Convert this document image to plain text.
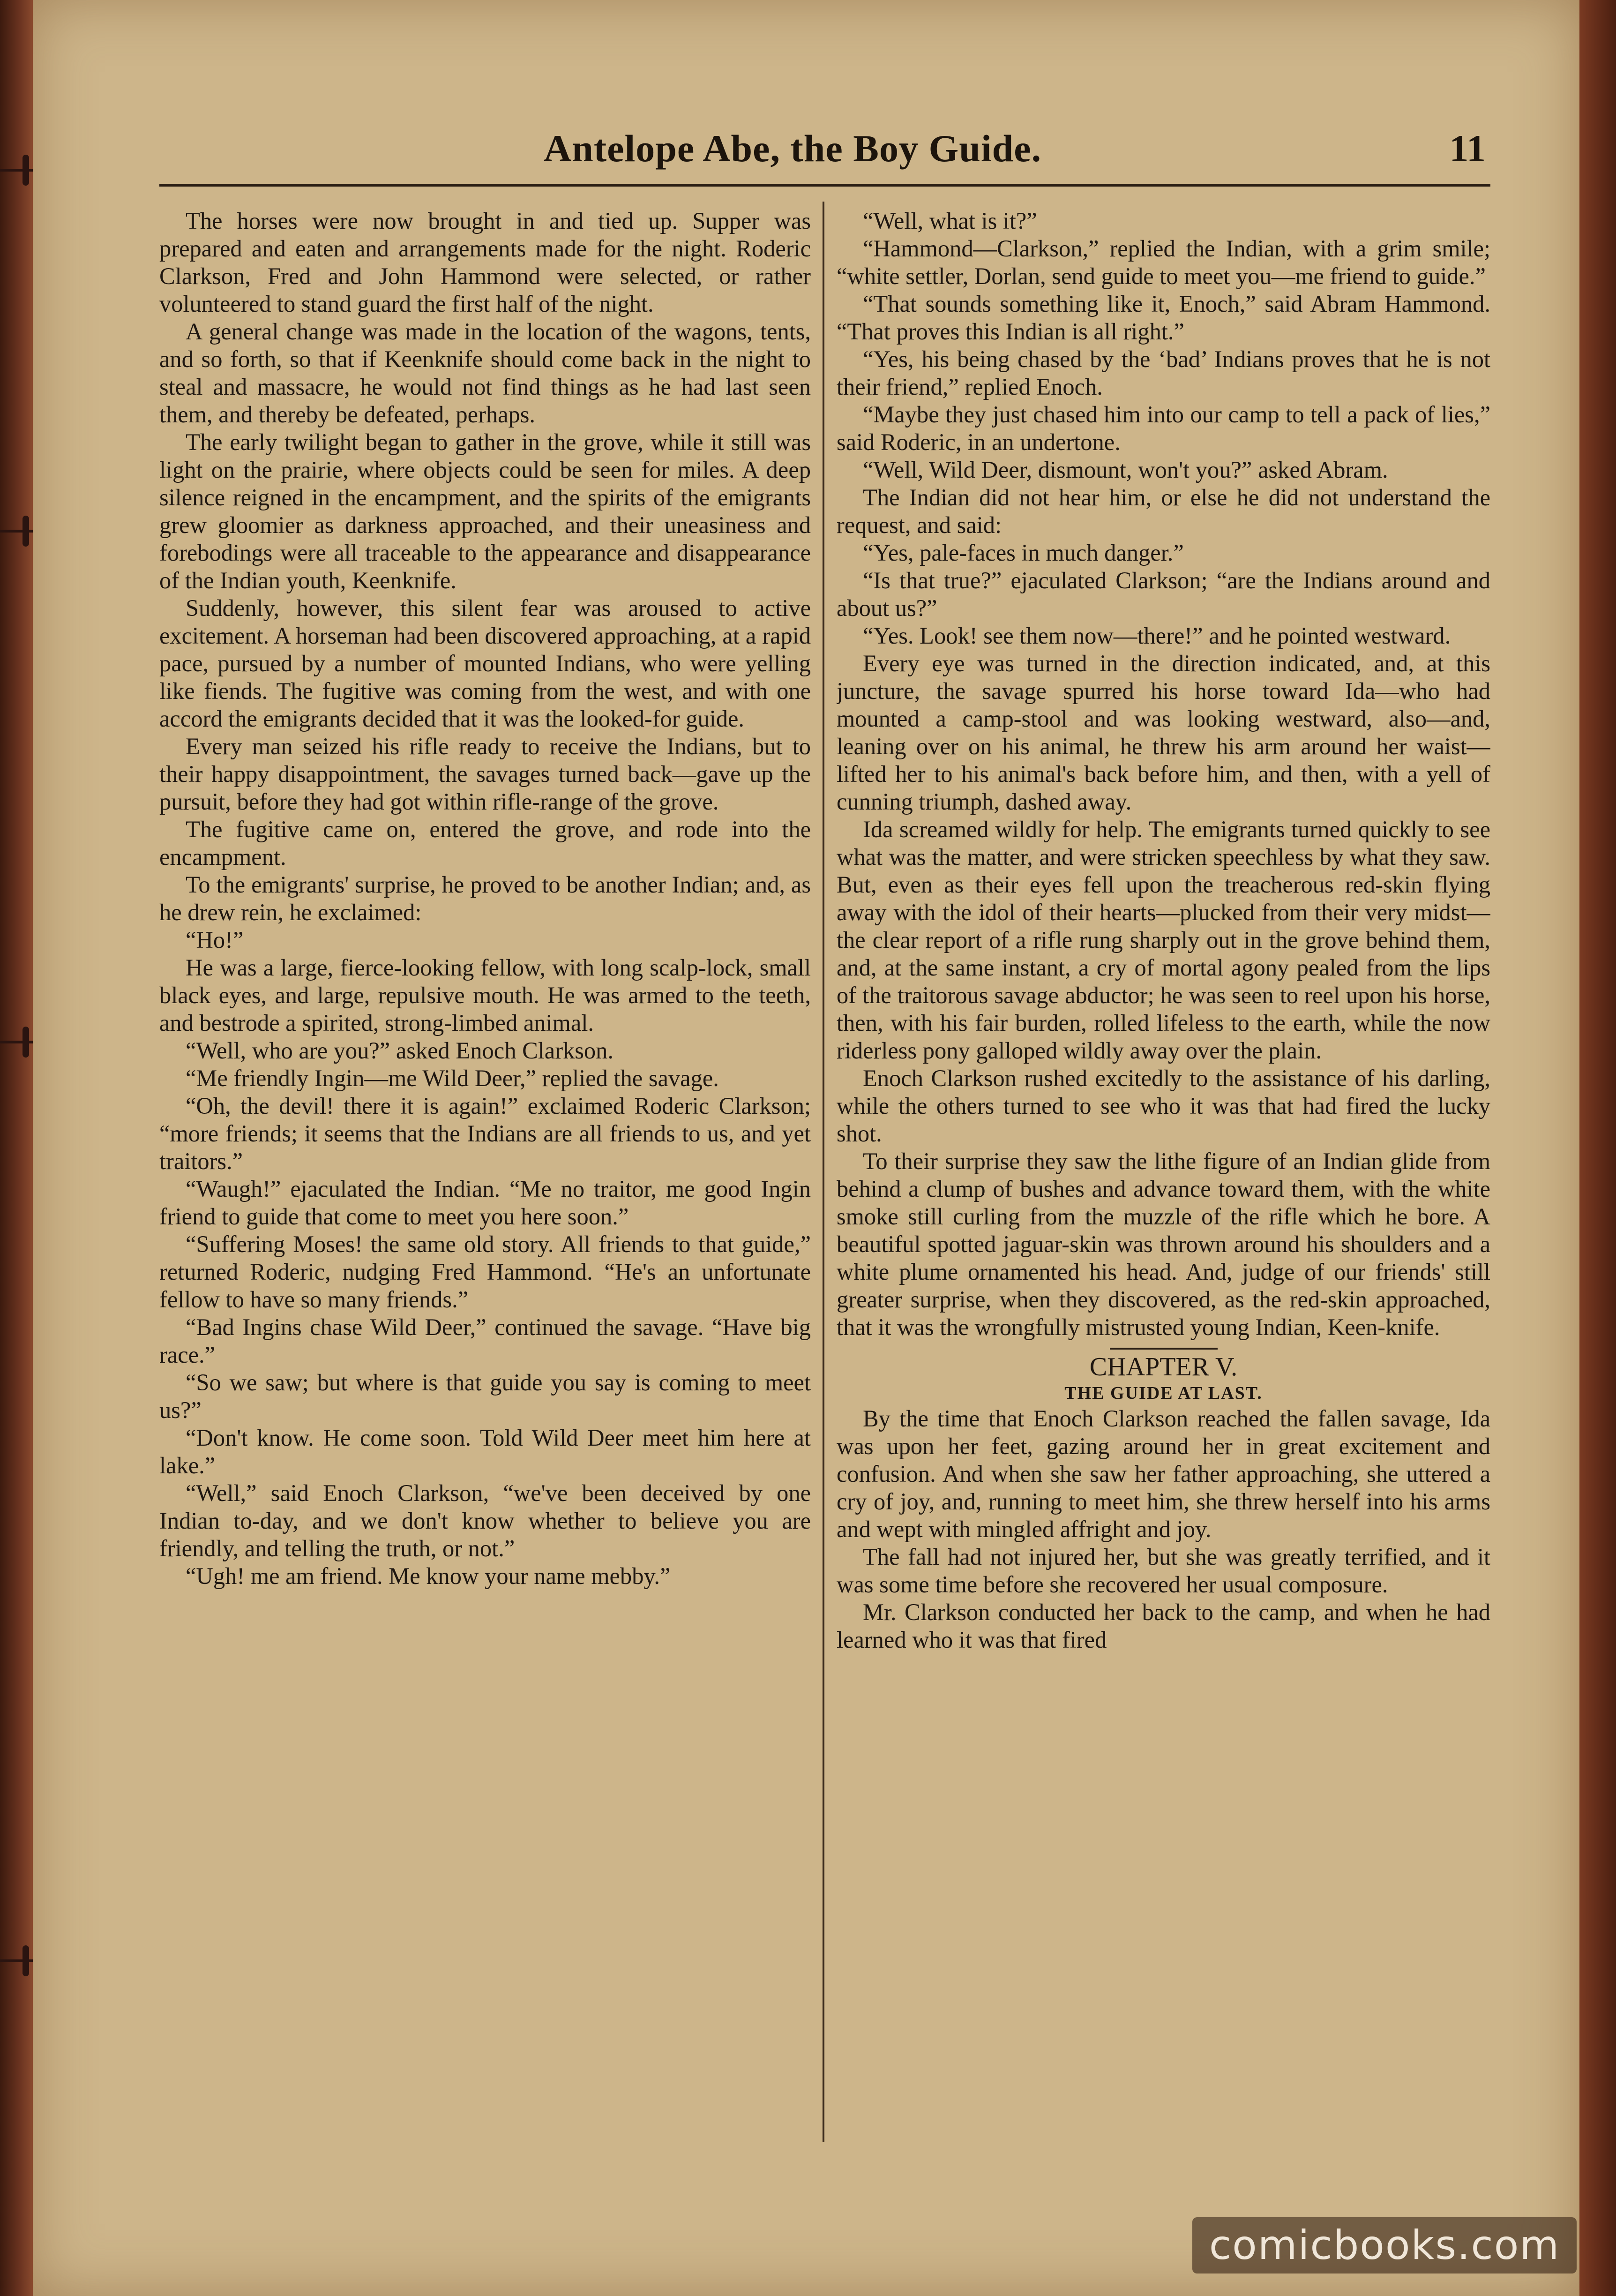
Antelope Abe, the Boy Guide.	11

The horses were now brought in and tied up. Supper was prepared and eaten and arrangements made for the night. Roderic Clarkson, Fred and John Hammond were selected, or rather volunteered to stand guard the first half of the night.

A general change was made in the location of the wagons, tents, and so forth, so that if Keenknife should come back in the night to steal and massacre, he would not find things as he had last seen them, and thereby be defeated, perhaps.

The early twilight began to gather in the grove, while it still was light on the prairie, where objects could be seen for miles. A deep silence reigned in the encampment, and the spirits of the emigrants grew gloomier as darkness approached, and their uneasiness and forebodings were all traceable to the appearance and disappearance of the Indian youth, Keenknife.

Suddenly, however, this silent fear was aroused to active excitement. A horseman had been discovered approaching, at a rapid pace, pursued by a number of mounted Indians, who were yelling like fiends. The fugitive was coming from the west, and with one accord the emigrants decided that it was the looked-for guide.

Every man seized his rifle ready to receive the Indians, but to their happy disappointment, the savages turned back—gave up the pursuit, before they had got within rifle-range of the grove.

The fugitive came on, entered the grove, and rode into the encampment.

To the emigrants' surprise, he proved to be another Indian; and, as he drew rein, he exclaimed:

“Ho!”

He was a large, fierce-looking fellow, with long scalp-lock, small black eyes, and large, repulsive mouth. He was armed to the teeth, and bestrode a spirited, strong-limbed animal.

“Well, who are you?” asked Enoch Clarkson.

“Me friendly Ingin—me Wild Deer,” replied the savage.

“Oh, the devil! there it is again!” exclaimed Roderic Clarkson; “more friends; it seems that the Indians are all friends to us, and yet traitors.”

“Waugh!” ejaculated the Indian. “Me no traitor, me good Ingin friend to guide that come to meet you here soon.”

“Suffering Moses! the same old story. All friends to that guide,” returned Roderic, nudging Fred Hammond. “He's an unfortunate fellow to have so many friends.”

“Bad Ingins chase Wild Deer,” continued the savage. “Have big race.”

“So we saw; but where is that guide you say is coming to meet us?”

“Don't know. He come soon. Told Wild Deer meet him here at lake.”

“Well,” said Enoch Clarkson, “we've been deceived by one Indian to-day, and we don't know whether to believe you are friendly, and telling the truth, or not.”

“Ugh! me am friend. Me know your name mebby.”

“Well, what is it?”

“Hammond—Clarkson,” replied the Indian, with a grim smile; “white settler, Dorlan, send guide to meet you—me friend to guide.”

“That sounds something like it, Enoch,” said Abram Hammond. “That proves this Indian is all right.”

“Yes, his being chased by the ‘bad’ Indians proves that he is not their friend,” replied Enoch.

“Maybe they just chased him into our camp to tell a pack of lies,” said Roderic, in an undertone.

“Well, Wild Deer, dismount, won't you?” asked Abram.

The Indian did not hear him, or else he did not understand the request, and said:

“Yes, pale-faces in much danger.”

“Is that true?” ejaculated Clarkson; “are the Indians around and about us?”

“Yes. Look! see them now—there!” and he pointed westward.

Every eye was turned in the direction indicated, and, at this juncture, the savage spurred his horse toward Ida—who had mounted a camp-stool and was looking westward, also—and, leaning over on his animal, he threw his arm around her waist—lifted her to his animal's back before him, and then, with a yell of cunning triumph, dashed away.

Ida screamed wildly for help. The emigrants turned quickly to see what was the matter, and were stricken speechless by what they saw. But, even as their eyes fell upon the treacherous red-skin flying away with the idol of their hearts—plucked from their very midst—the clear report of a rifle rung sharply out in the grove behind them, and, at the same instant, a cry of mortal agony pealed from the lips of the traitorous savage abductor; he was seen to reel upon his horse, then, with his fair burden, rolled lifeless to the earth, while the now riderless pony galloped wildly away over the plain.

Enoch Clarkson rushed excitedly to the assistance of his darling, while the others turned to see who it was that had fired the lucky shot.

To their surprise they saw the lithe figure of an Indian glide from behind a clump of bushes and advance toward them, with the white smoke still curling from the muzzle of the rifle which he bore. A beautiful spotted jaguar-skin was thrown around his shoulders and a white plume ornamented his head. And, judge of our friends' still greater surprise, when they discovered, as the red-skin approached, that it was the wrongfully mistrusted young Indian, Keen-knife.

CHAPTER V.

THE GUIDE AT LAST.

By the time that Enoch Clarkson reached the fallen savage, Ida was upon her feet, gazing around her in great excitement and confusion. And when she saw her father approaching, she uttered a cry of joy, and, running to meet him, she threw herself into his arms and wept with mingled affright and joy.

The fall had not injured her, but she was greatly terrified, and it was some time before she recovered her usual composure.

Mr. Clarkson conducted her back to the camp, and when he had learned who it was that fired

comicbooks.com
